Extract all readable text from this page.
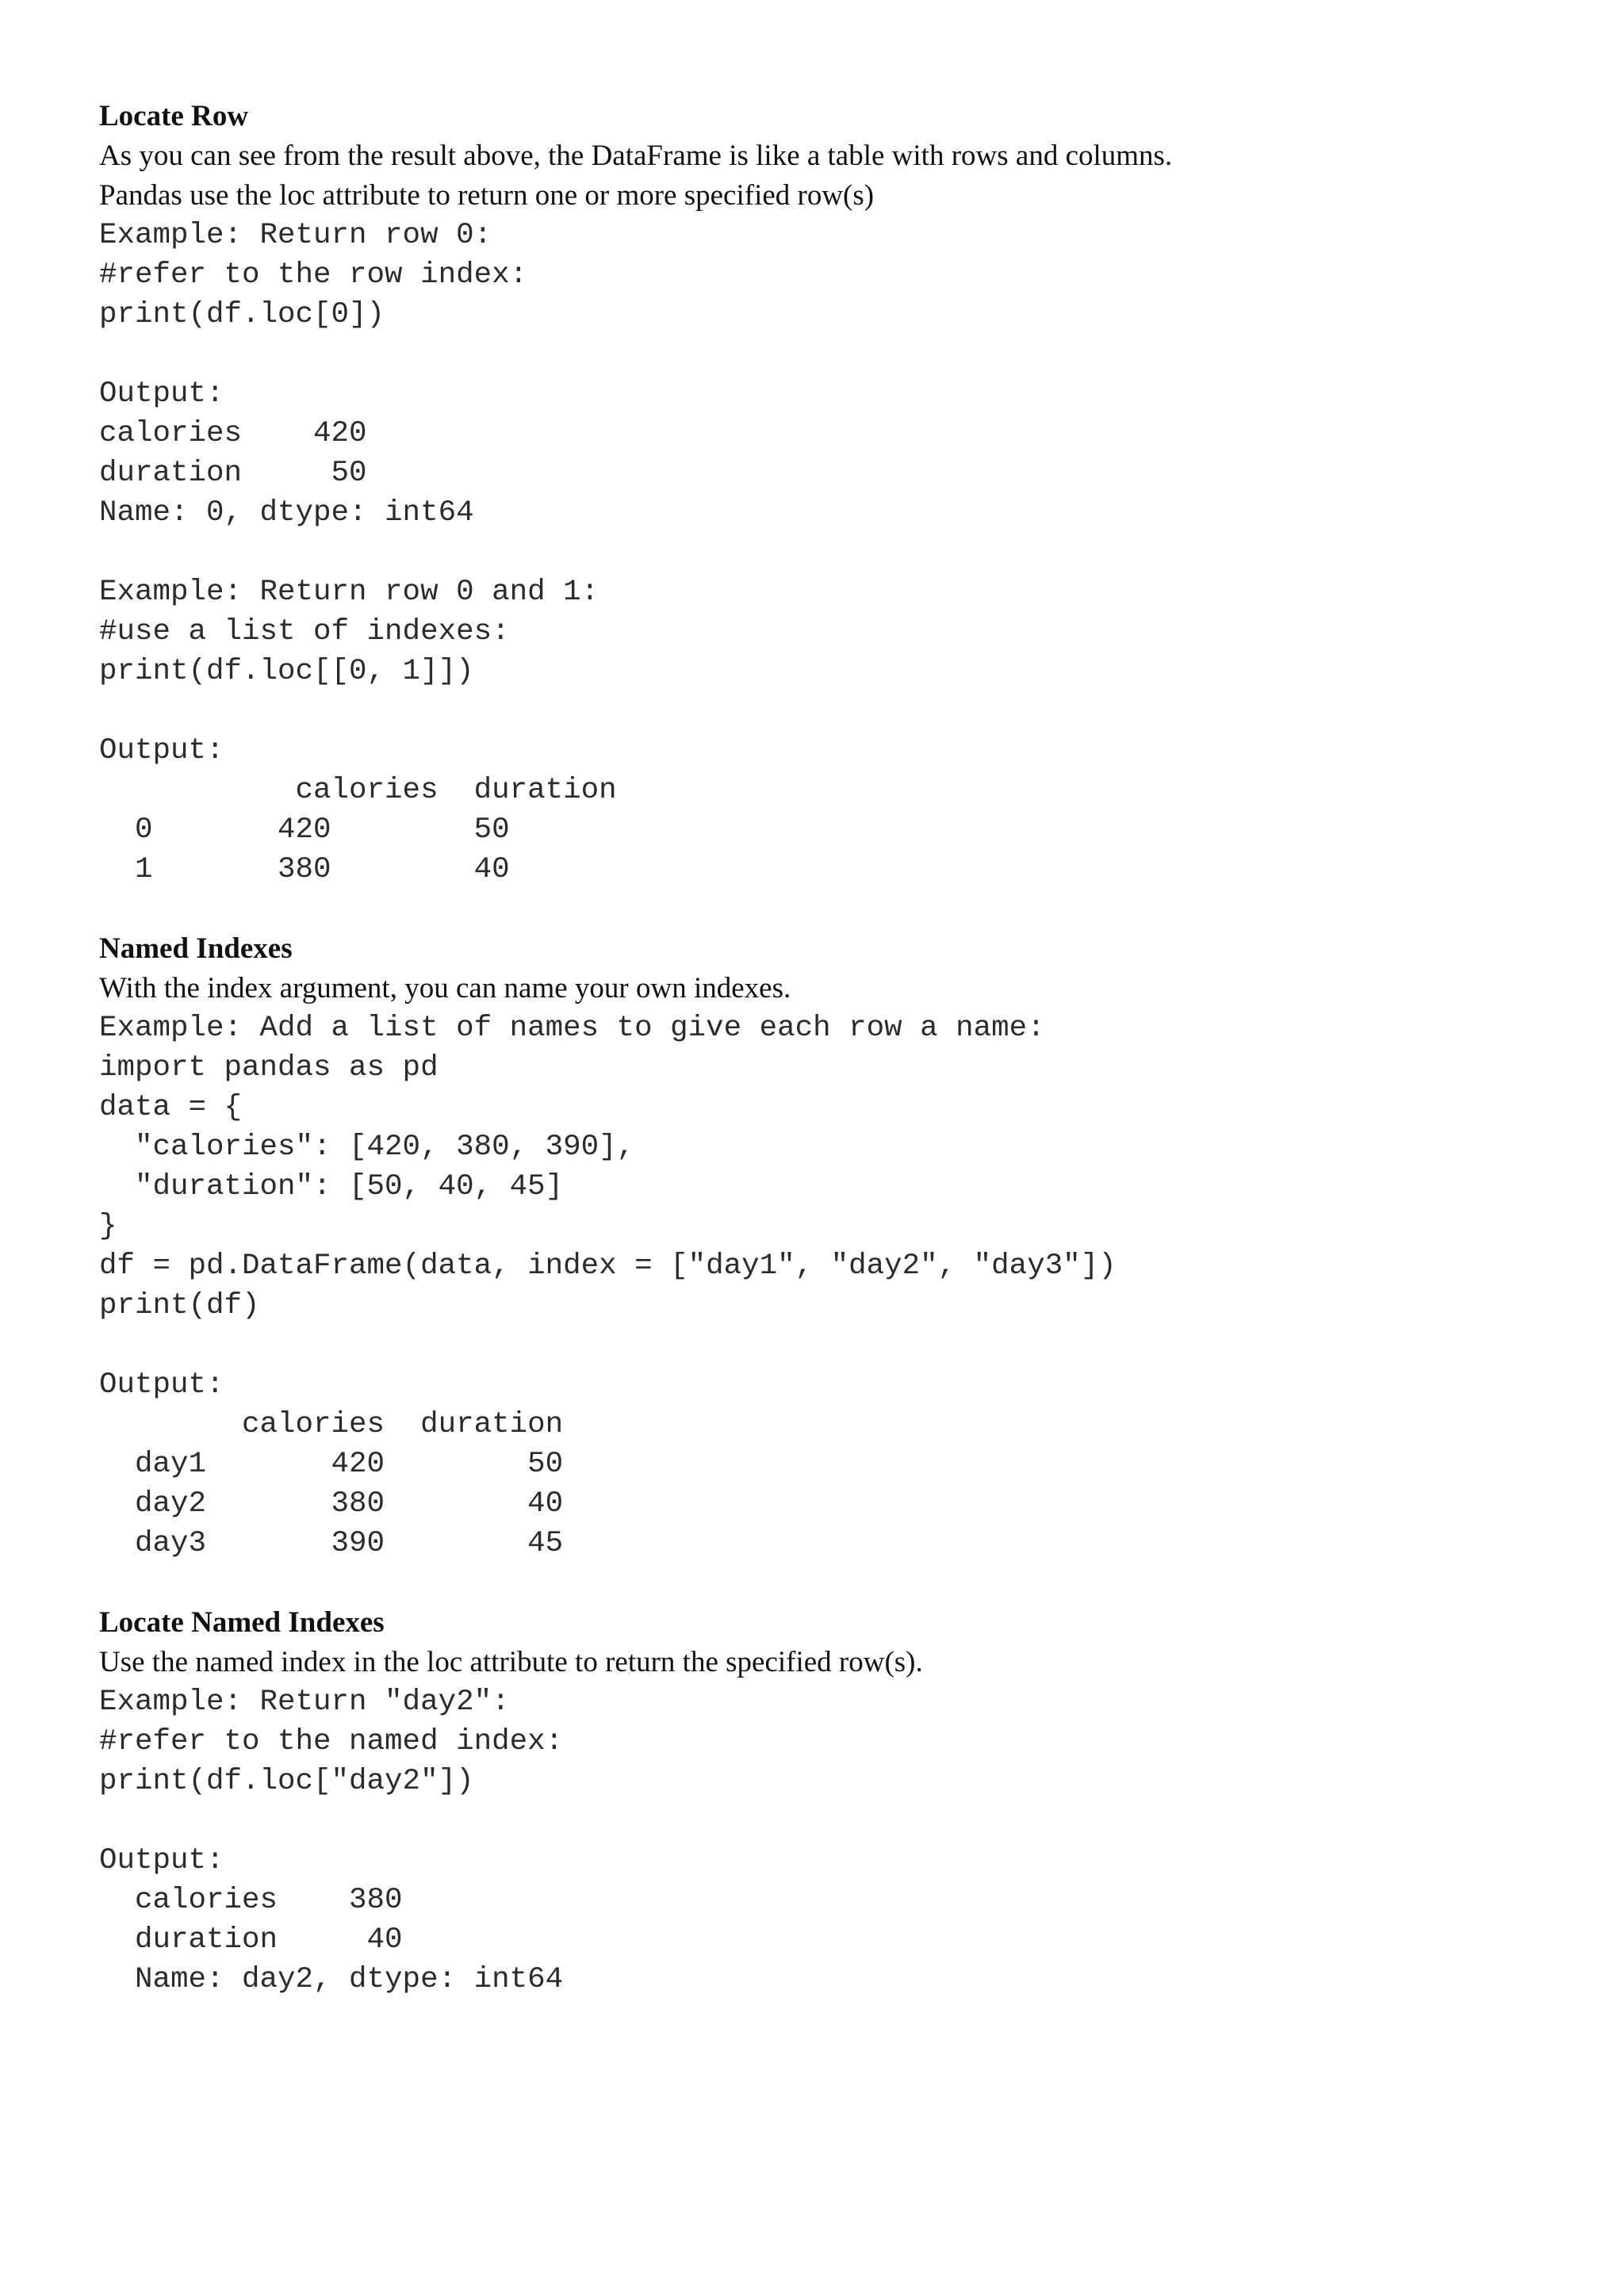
Locate Row
As you can see from the result above, the DataFrame is like a table with rows and columns.
Pandas use the loc attribute to return one or more specified row(s)
Example: Return row 0:
#refer to the row index:
print(df.loc[0])
Output:
calories    420
duration     50
Name: 0, dtype: int64
Example: Return row 0 and 1:
#use a list of indexes:
print(df.loc[[0, 1]])
Output:
calories  duration
0       420        50
1       380        40
Named Indexes
With the index argument, you can name your own indexes.
Example: Add a list of names to give each row a name:
import pandas as pd
data = {
"calories": [420, 380, 390],
"duration": [50, 40, 45]
}
df = pd.DataFrame(data, index = ["day1", "day2", "day3"])
print(df)
Output:
calories  duration
day1       420        50
day2       380        40
day3       390        45
Locate Named Indexes
Use the named index in the loc attribute to return the specified row(s).
Example: Return "day2":
#refer to the named index:
print(df.loc["day2"])
Output:
calories    380
duration     40
Name: day2, dtype: int64
